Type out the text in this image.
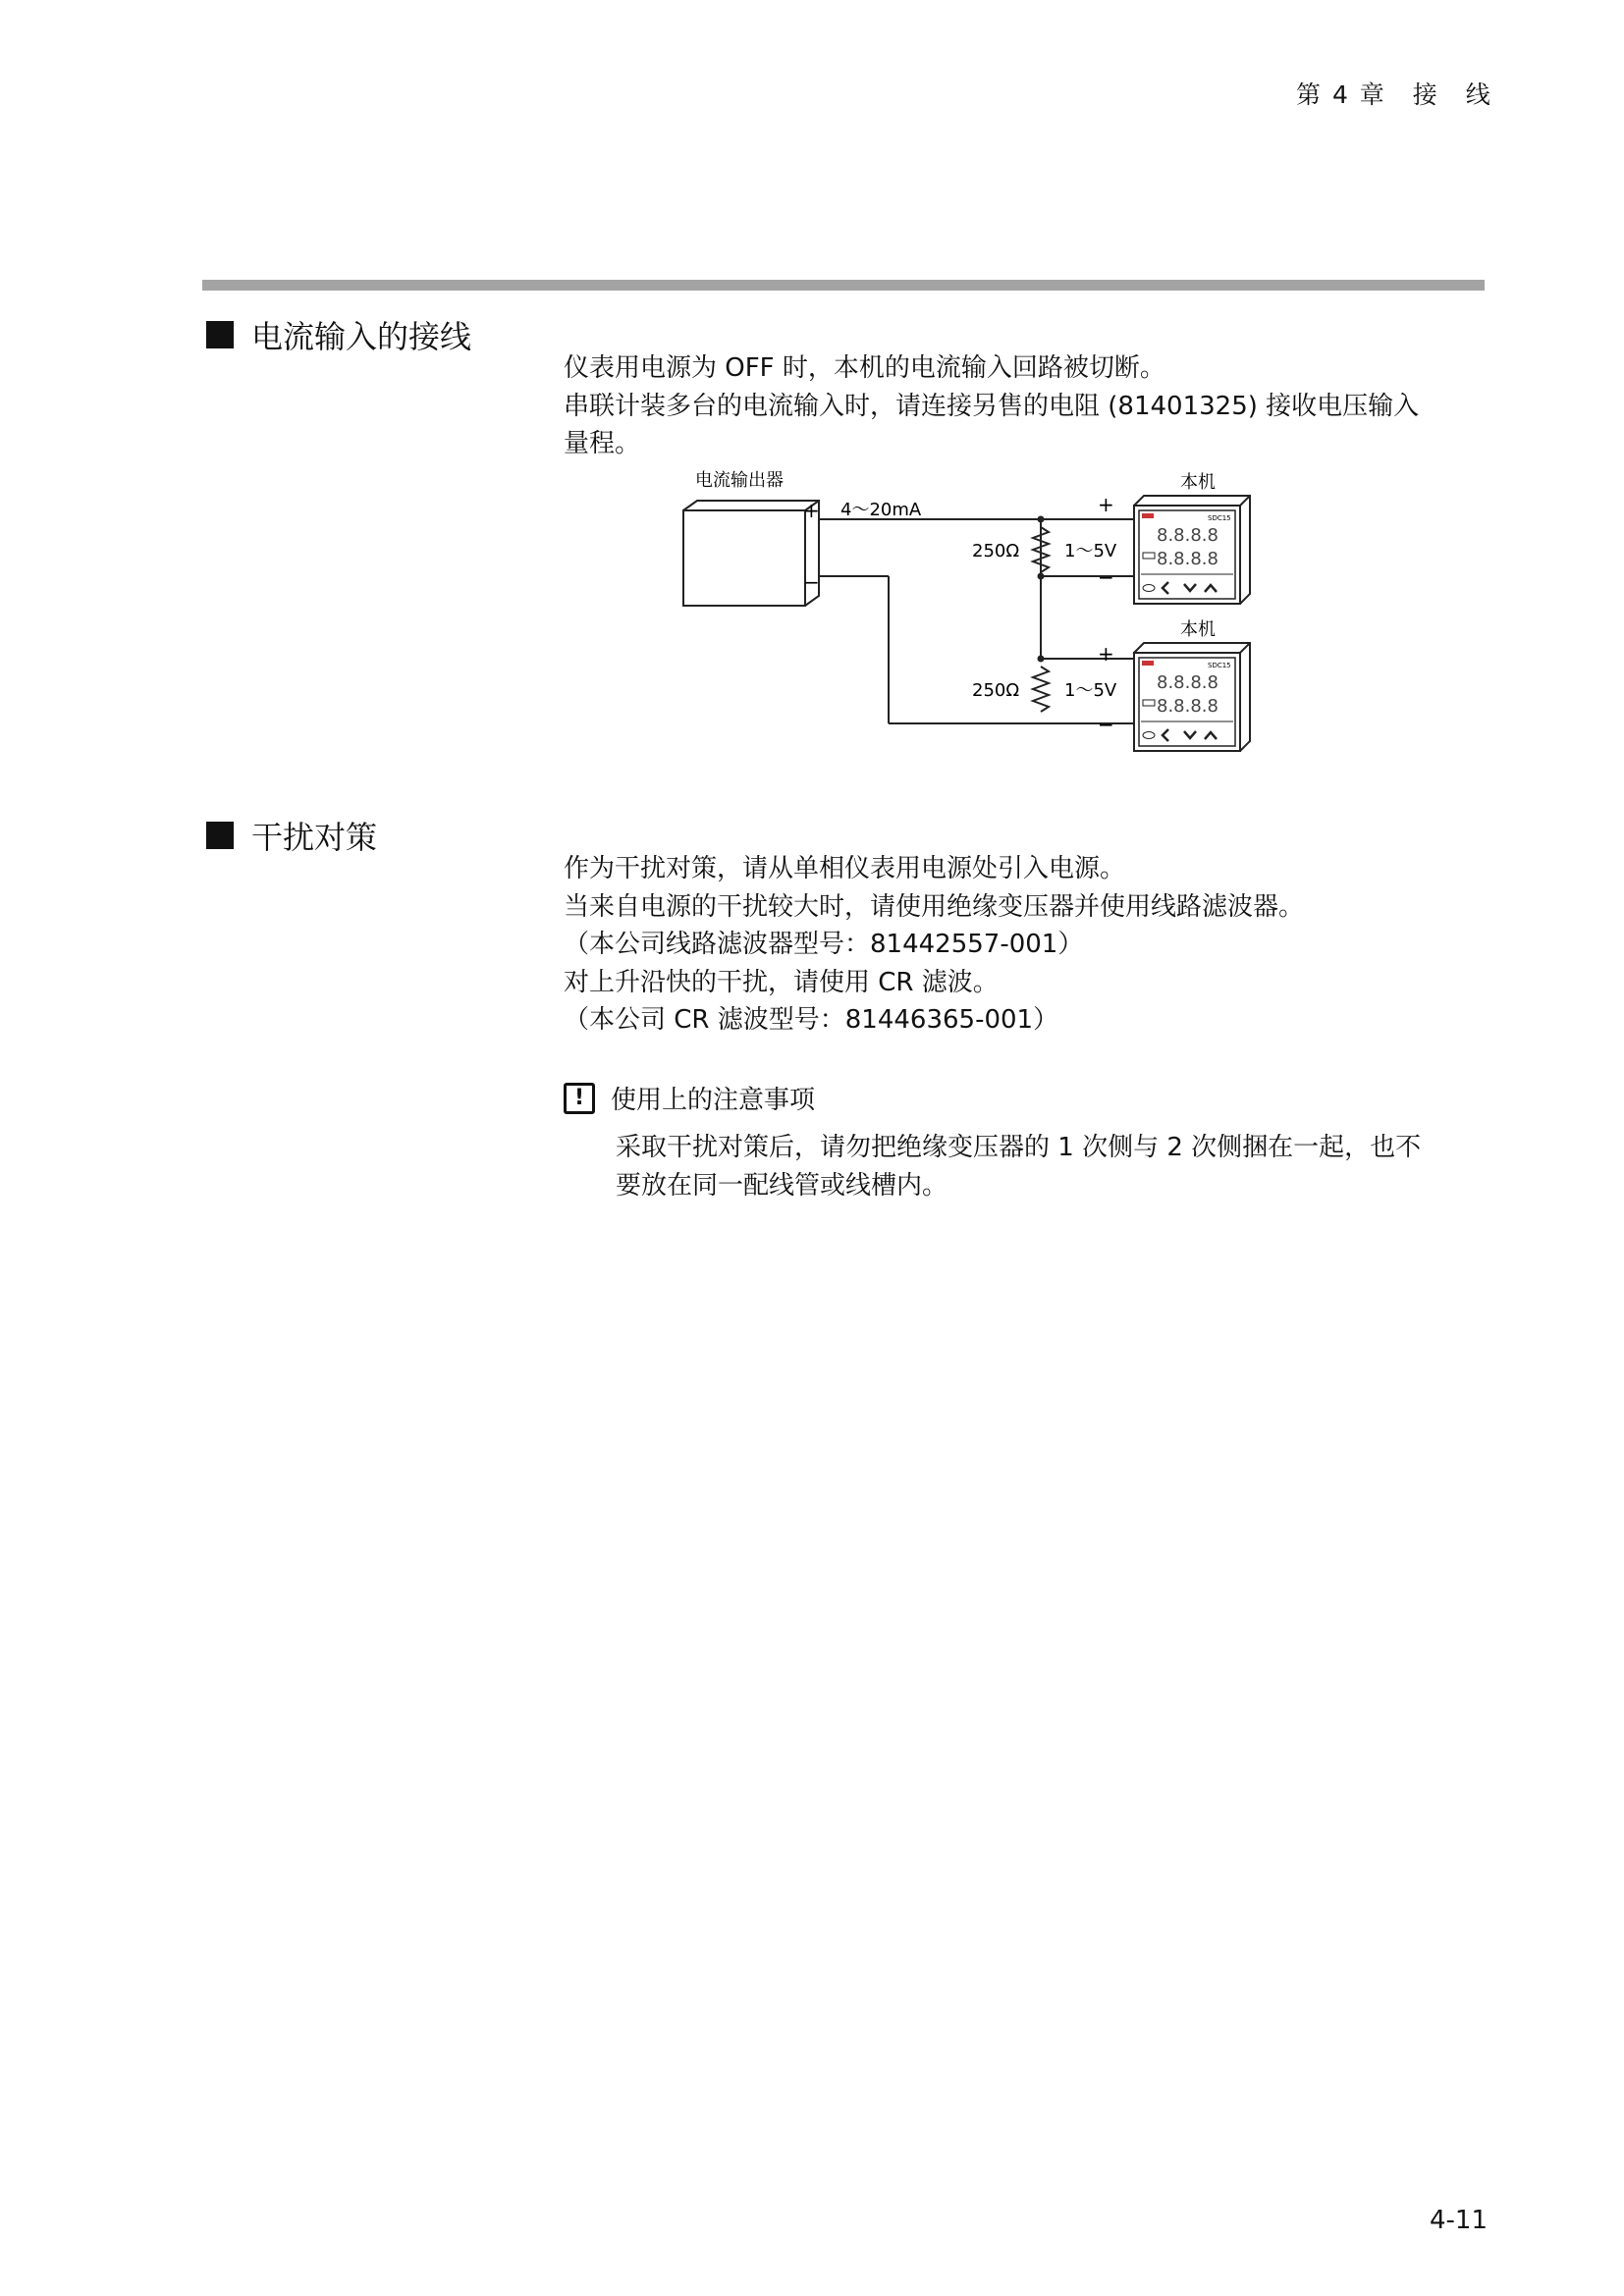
第 4 章　接　线
电流输入的接线

仪表用电源为 OFF 时，本机的电流输入回路被切断。

串联计装多台的电流输入时，请连接另售的电阻 (81401325) 接收电压输入

量程。

电流输出器
+
−
4～20mA
250Ω	1～5V
250Ω	1～5V
+
−
+
−
本机
SDC15
8.8.8.8
8.8.8.8
本机
SDC15
8.8.8.8
8.8.8.8
干扰对策

作为干扰对策，请从单相仪表用电源处引入电源。

当来自电源的干扰较大时，请使用绝缘变压器并使用线路滤波器。

（本公司线路滤波器型号：81442557-001）

对上升沿快的干扰，请使用 CR 滤波。

（本公司 CR 滤波型号：81446365-001）

!	使用上的注意事项

采取干扰对策后，请勿把绝缘变压器的 1 次侧与 2 次侧捆在一起，也不

要放在同一配线管或线槽内。

4-11
